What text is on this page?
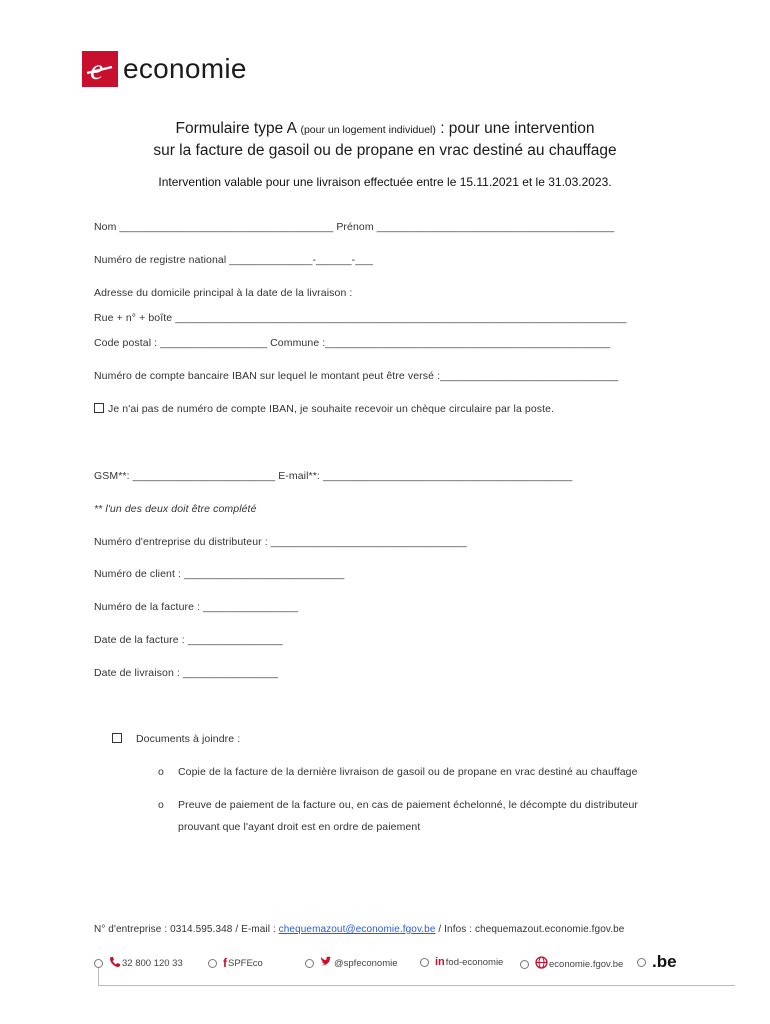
e economie
Formulaire type A (pour un logement individuel) : pour une intervention
sur la facture de gasoil ou de propane en vrac destiné au chauffage
Intervention valable pour une livraison effectuée entre le 15.11.2021 et le 31.03.2023.
Nom ____________________________________ Prénom ________________________________________
Numéro de registre national ______________-______-___
Adresse du domicile principal à la date de la livraison :
Rue + n° + boîte ____________________________________________________________________________
Code postal : __________________ Commune :________________________________________________
Numéro de compte bancaire IBAN sur lequel le montant peut être versé :______________________________
Je n'ai pas de numéro de compte IBAN, je souhaite recevoir un chèque circulaire par la poste.
GSM**: ________________________ E-mail**: __________________________________________
** l'un des deux doit être complété
Numéro d'entreprise du distributeur : _________________________________
Numéro de client : ___________________________
Numéro de la facture : ________________
Date de la facture : ________________
Date de livraison : ________________
Documents à joindre :
o Copie de la facture de la dernière livraison de gasoil ou de propane en vrac destiné au chauffage
o Preuve de paiement de la facture ou, en cas de paiement échelonné, le décompte du distributeur
prouvant que l'ayant droit est en ordre de paiement
N° d'entreprise : 0314.595.348 / E-mail : chequemazout@economie.fgov.be / Infos : chequemazout.economie.fgov.be
32 800 120 33	f SPFEco	@spfeconomie	in fod-economie	economie.fgov.be .be
